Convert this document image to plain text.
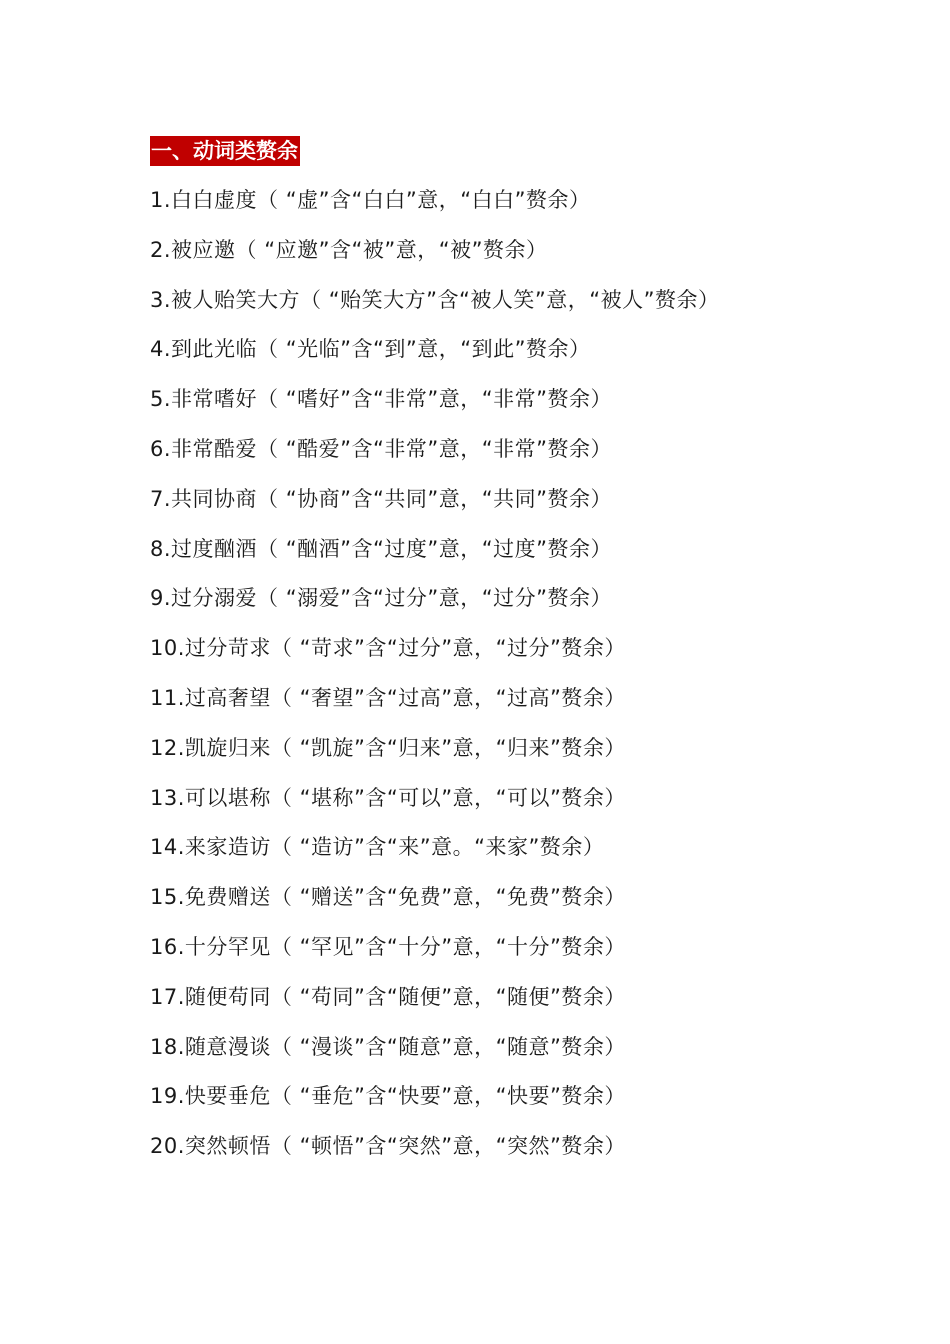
一、动词类赘余
1.白白虚度（ “虚”含“白白”意，“白白”赘余）
2.被应邀（ “应邀”含“被”意，“被”赘余）
3.被人贻笑大方（ “贻笑大方”含“被人笑”意，“被人”赘余）
4.到此光临（ “光临”含“到”意，“到此”赘余）
5.非常嗜好（ “嗜好”含“非常”意，“非常”赘余）
6.非常酷爱（ “酷爱”含“非常”意，“非常”赘余）
7.共同协商（ “协商”含“共同”意，“共同”赘余）
8.过度酗酒（ “酗酒”含“过度”意，“过度”赘余）
9.过分溺爱（ “溺爱”含“过分”意，“过分”赘余）
10.过分苛求（ “苛求”含“过分”意，“过分”赘余）
11.过高奢望（ “奢望”含“过高”意，“过高”赘余）
12.凯旋归来（ “凯旋”含“归来”意，“归来”赘余）
13.可以堪称（ “堪称”含“可以”意，“可以”赘余）
14.来家造访（ “造访”含“来”意。“来家”赘余）
15.免费赠送（ “赠送”含“免费”意，“免费”赘余）
16.十分罕见（ “罕见”含“十分”意，“十分”赘余）
17.随便苟同（ “苟同”含“随便”意，“随便”赘余）
18.随意漫谈（ “漫谈”含“随意”意，“随意”赘余）
19.快要垂危（ “垂危”含“快要”意，“快要”赘余）
20.突然顿悟（ “顿悟”含“突然”意，“突然”赘余）
